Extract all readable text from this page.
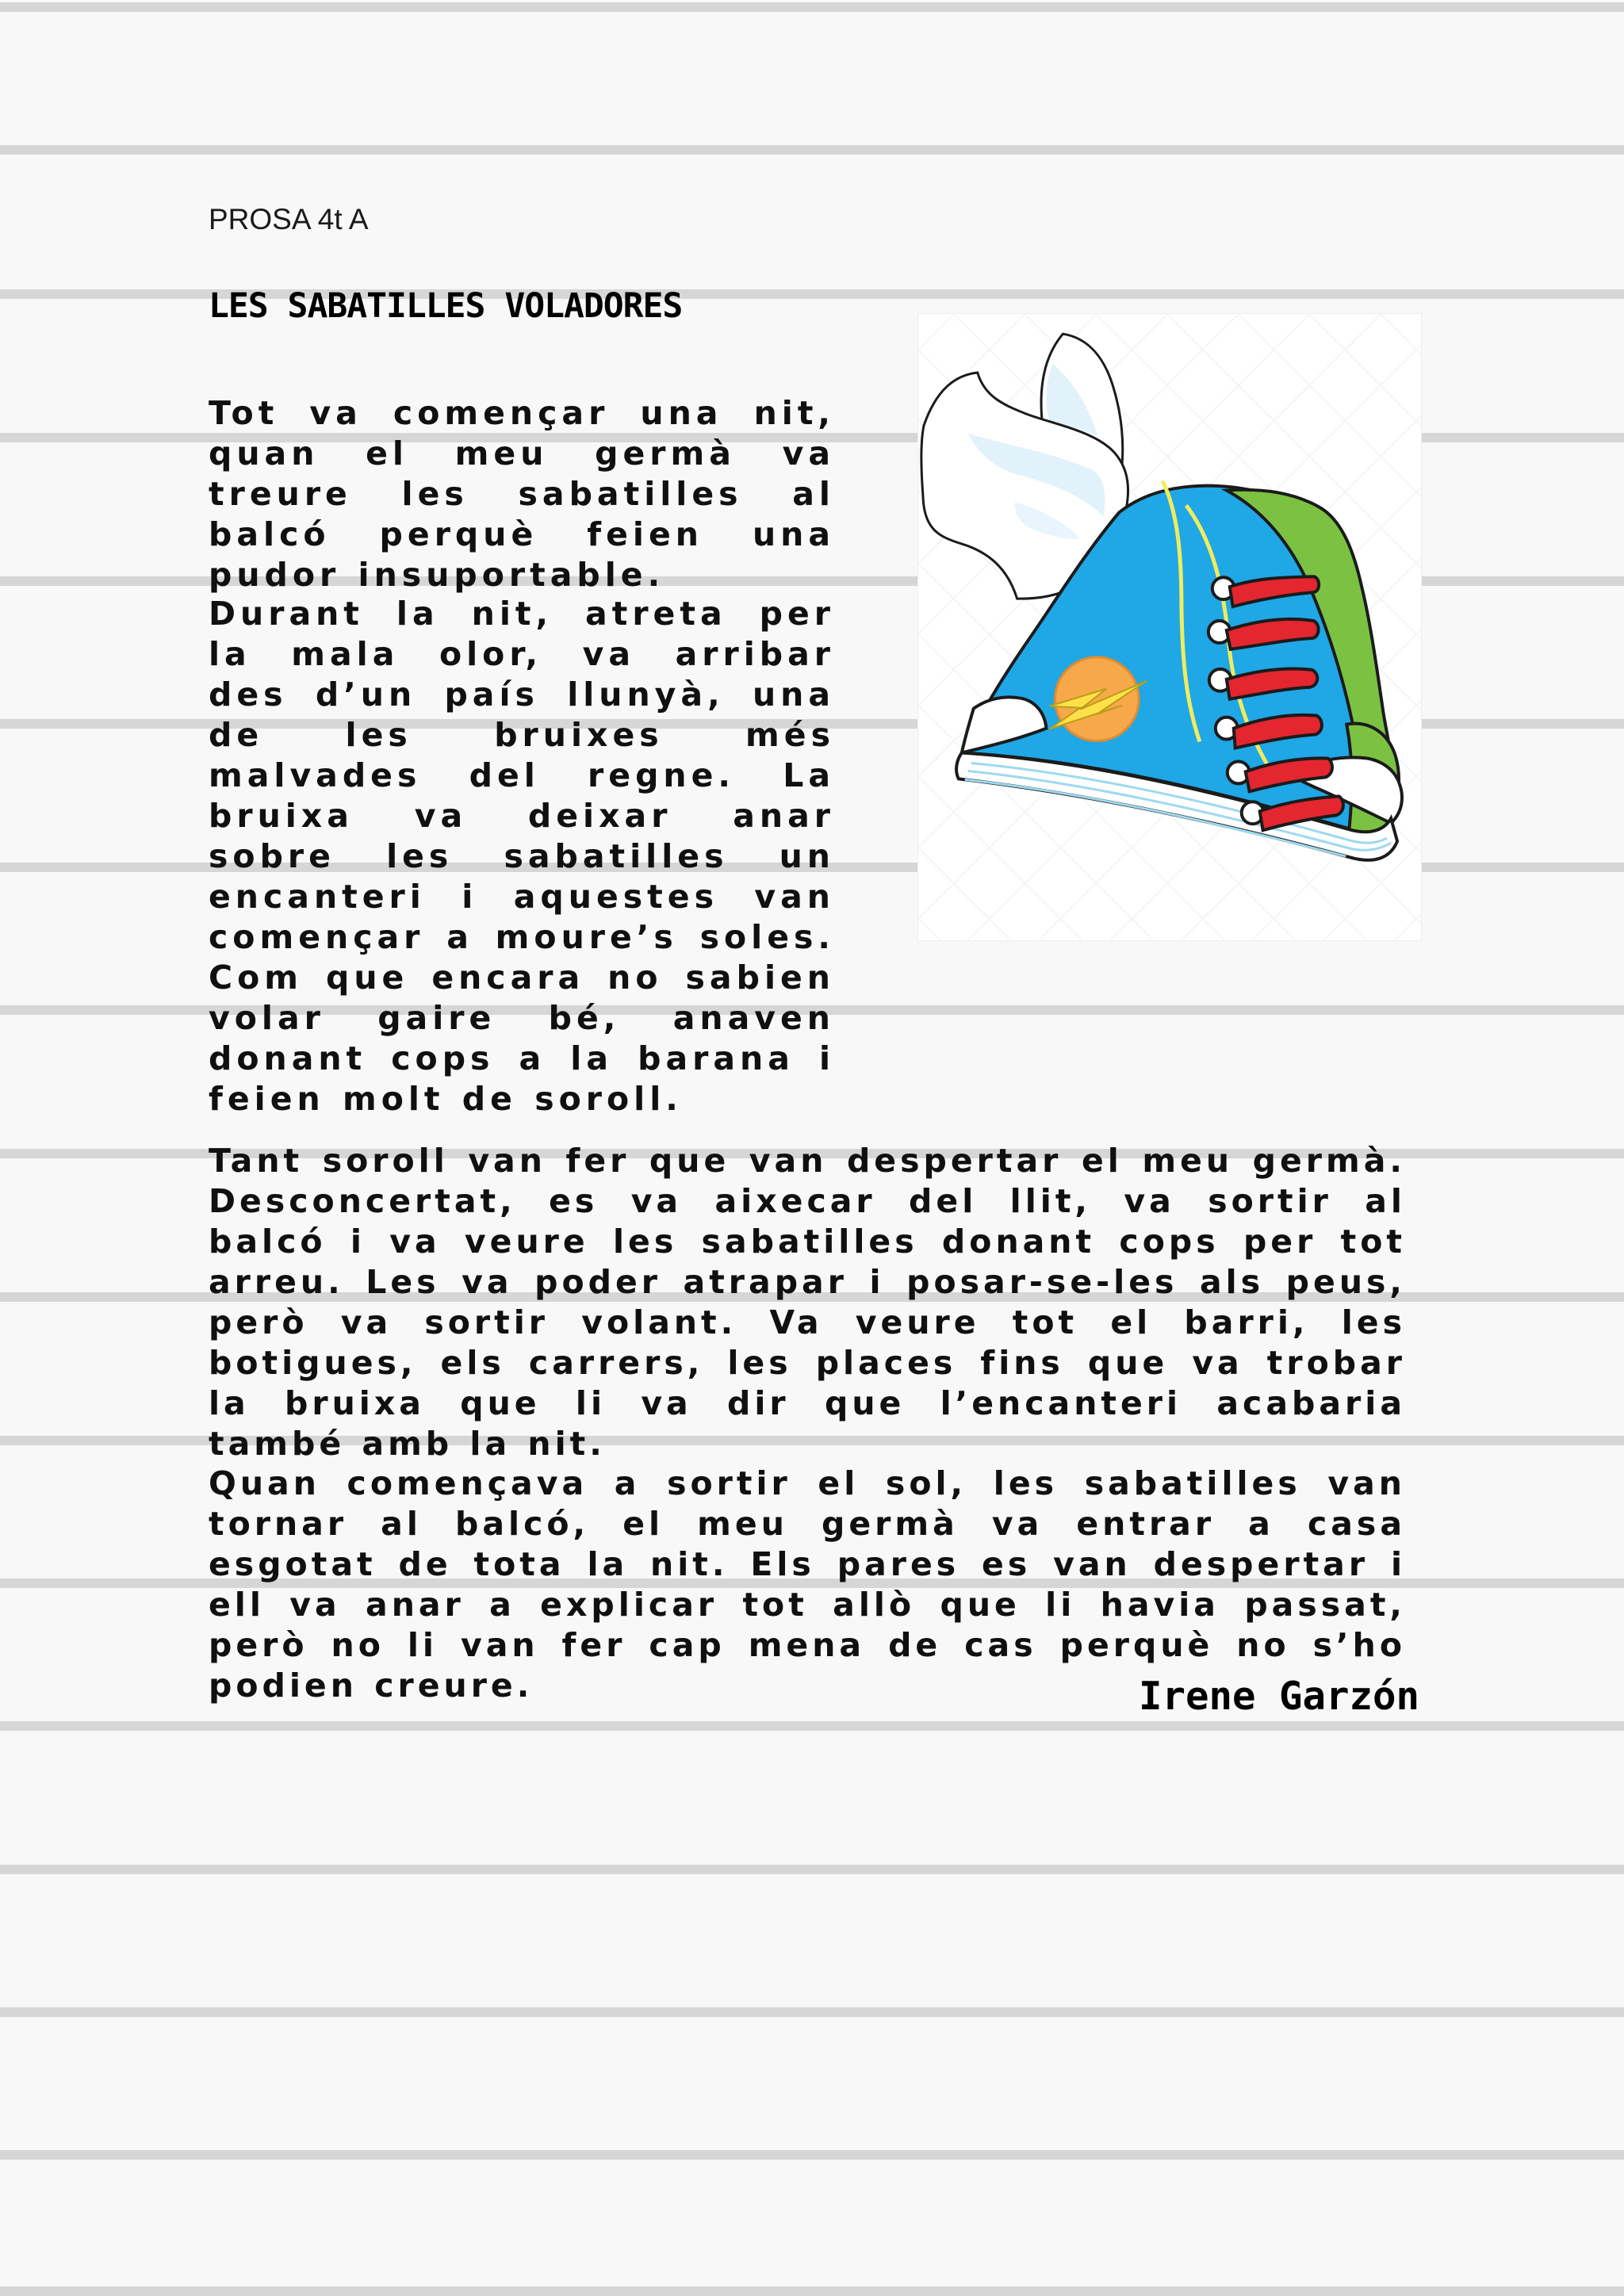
PROSA 4t A
LES SABATILLES VOLADORES

Tot va començar una nit, quan el meu germà va treure les sabatilles al balcó perquè feien una pudor insuportable.

Durant la nit, atreta per la mala olor, va arribar des d’un país llunyà, una de les bruixes més malvades del regne. La bruixa va deixar anar sobre les sabatilles un encanteri i aquestes van començar a moure’s soles. Com que encara no sabien volar gaire bé, anaven donant cops a la barana i feien molt de soroll.

Tant soroll van fer que van despertar el meu germà. Desconcertat, es va aixecar del llit, va sortir al balcó i va veure les sabatilles donant cops per tot arreu. Les va poder atrapar i posar-se-les als peus, però va sortir volant. Va veure tot el barri, les botigues, els carrers, les places fins que va trobar la bruixa que li va dir que l’encanteri acabaria també amb la nit.

Quan començava a sortir el sol, les sabatilles van tornar al balcó, el meu germà va entrar a casa esgotat de tota la nit. Els pares es van despertar i ell va anar a explicar tot allò que li havia passat, però no li van fer cap mena de cas perquè no s’ho podien creure.	Irene Garzón
